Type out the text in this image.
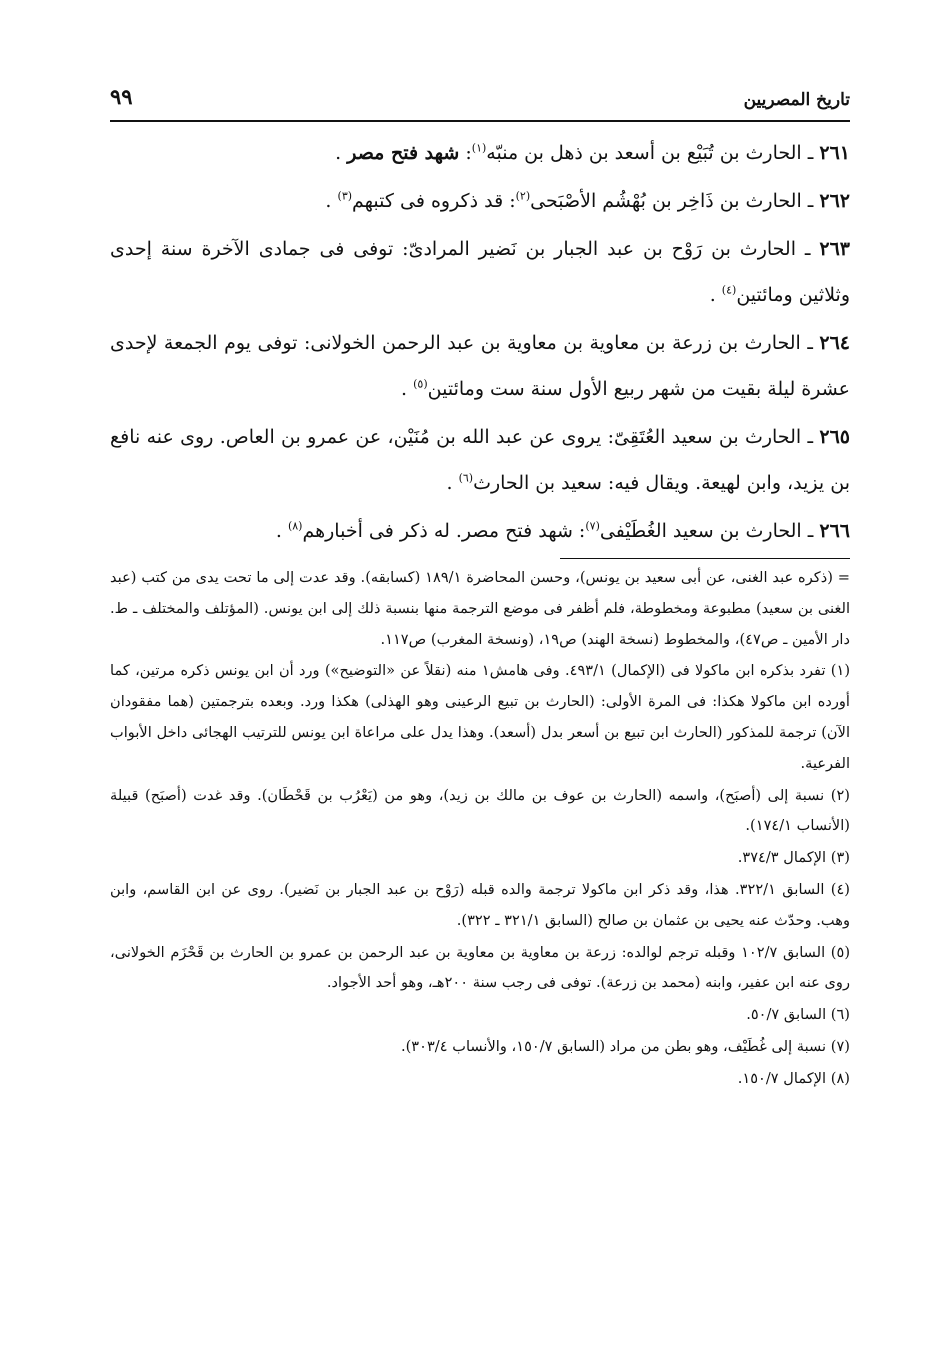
تاريخ المصريين
٩٩

٢٦١ ـ الحارث بن تُبَيْع بن أسعد بن ذهل بن منبّه$^{(١)}$: شهد فتح مصر .

٢٦٢ ـ الحارث بن ذَاخِر بن بُهْشُم الأصْبَحى$^{(٢)}$: قد ذكروه فى كتبهم$^{(٣)}$ .

٢٦٣ ـ الحارث بن رَوْح بن عبد الجبار بن نَضير المرادىّ: توفى فى جمادى الآخرة سنة إحدى وثلاثين ومائتين$^{(٤)}$ .

٢٦٤ ـ الحارث بن زرعة بن معاوية بن معاوية بن عبد الرحمن الخولانى: توفى يوم الجمعة لإحدى عشرة ليلة بقيت من شهر ربيع الأول سنة ست ومائتين$^{(٥)}$ .

٢٦٥ ـ الحارث بن سعيد العُتَقِىّ: يروى عن عبد الله بن مُنَيْن، عن عمرو بن العاص. روى عنه نافع بن يزيد، وابن لهيعة. ويقال فيه: سعيد بن الحارث$^{(٦)}$ .

٢٦٦ ـ الحارث بن سعيد الغُطَيْفى$^{(٧)}$: شهد فتح مصر. له ذكر فى أخبارهم$^{(٨)}$ .

= (ذكره عبد الغنى، عن أبى سعيد بن يونس)، وحسن المحاضرة ١٨٩/١ (كسابقه). وقد عدت إلى ما تحت يدى من كتب (عبد الغنى بن سعيد) مطبوعة ومخطوطة، فلم أظفر فى موضع الترجمة منها بنسبة ذلك إلى ابن يونس. (المؤتلف والمختلف ـ ط. دار الأمين ـ ص٤٧)، والمخطوط (نسخة الهند) ص١٩، (ونسخة المغرب) ص١١٧.

(١) تفرد بذكره ابن ماكولا فى (الإكمال) ٤٩٣/١. وفى هامش١ منه (نقلاً عن «التوضيح») ورد أن ابن يونس ذكره مرتين، كما أورده ابن ماكولا هكذا: فى المرة الأولى: (الحارث بن تبيع الرعينى وهو الهذلى) هكذا ورد. وبعده بترجمتين (هما مفقودان الآن) ترجمة للمذكور (الحارث ابن تبيع بن أسعر بدل (أسعد). وهذا يدل على مراعاة ابن يونس للترتيب الهجائى داخل الأبواب الفرعية.

(٢) نسبة إلى (أصبَح)، واسمه (الحارث بن عوف بن مالك بن زيد)، وهو من (يَعْرُب بن قَحْطَان). وقد غدت (أصبَح) قبيلة (الأنساب ١٧٤/١).

(٣) الإكمال ٣٧٤/٣.

(٤) السابق ٣٢٢/١. هذا، وقد ذكر ابن ماكولا ترجمة والده قبله (رَوْح بن عبد الجبار بن نَضير). روى عن ابن القاسم، وابن وهب. وحدّث عنه يحيى بن عثمان بن صالح (السابق ٣٢١/١ ـ ٣٢٢).

(٥) السابق ١٠٢/٧ وقبله ترجم لوالده: زرعة بن معاوية بن معاوية بن عبد الرحمن بن عمرو بن الحارث بن قَحْزَم الخولانى، روى عنه ابن عفير، وابنه (محمد بن زرعة). توفى فى رجب سنة ٢٠٠هـ، وهو أحد الأجواد.

(٦) السابق ٥٠/٧.

(٧) نسبة إلى غُطَيْف، وهو بطن من مراد (السابق ١٥٠/٧، والأنساب ٣٠٣/٤).

(٨) الإكمال ١٥٠/٧.
